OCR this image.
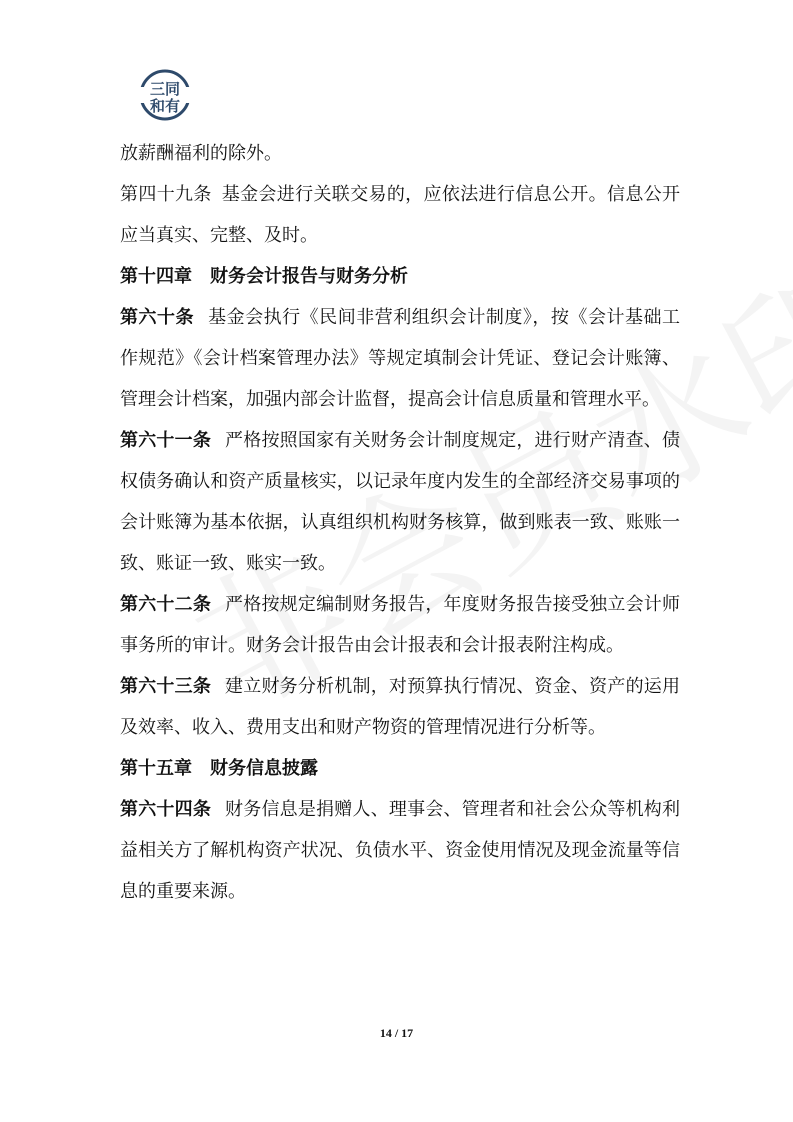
三同
和有

放薪酬福利的除外。

第四十九条 基金会进行关联交易的，应依法进行信息公开。信息公开应当真实、完整、及时。

第十四章　财务会计报告与财务分析

第六十条 基金会执行《民间非营利组织会计制度》，按《会计基础工作规范》《会计档案管理办法》等规定填制会计凭证、登记会计账簿、管理会计档案，加强内部会计监督，提高会计信息质量和管理水平。

第六十一条 严格按照国家有关财务会计制度规定，进行财产清查、债权债务确认和资产质量核实，以记录年度内发生的全部经济交易事项的会计账簿为基本依据，认真组织机构财务核算，做到账表一致、账账一致、账证一致、账实一致。

第六十二条 严格按规定编制财务报告，年度财务报告接受独立会计师事务所的审计。财务会计报告由会计报表和会计报表附注构成。

第六十三条 建立财务分析机制，对预算执行情况、资金、资产的运用及效率、收入、费用支出和财产物资的管理情况进行分析等。

第十五章　财务信息披露

第六十四条 财务信息是捐赠人、理事会、管理者和社会公众等机构利益相关方了解机构资产状况、负债水平、资金使用情况及现金流量等信息的重要来源。

14 / 17
